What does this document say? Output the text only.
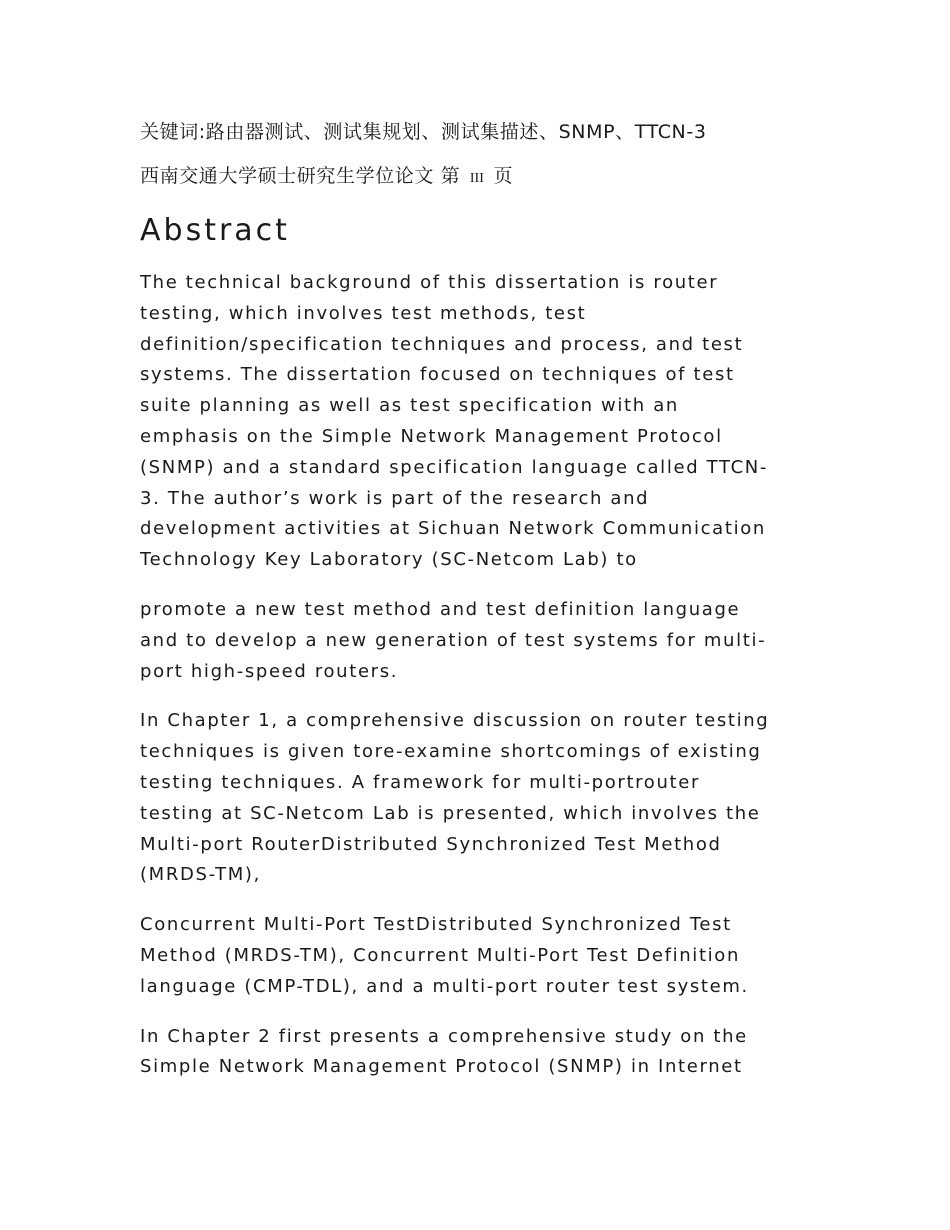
关键词:路由器测试、测试集规划、测试集描述、SNMP、TTCN-3

西南交通大学硕士研究生学位论文 第 III 页

Abstract

The technical background of this dissertation is router
testing, which involves test methods, test
definition/specification techniques and process, and test
systems. The dissertation focused on techniques of test
suite planning as well as test specification with an
emphasis on the Simple Network Management Protocol
(SNMP) and a standard specification language called TTCN-
3. The author’s work is part of the research and
development activities at Sichuan Network Communication
Technology Key Laboratory (SC-Netcom Lab) to

promote a new test method and test definition language
and to develop a new generation of test systems for multi-
port high-speed routers.

In Chapter 1, a comprehensive discussion on router testing
techniques is given tore-examine shortcomings of existing
testing techniques. A framework for multi-portrouter
testing at SC-Netcom Lab is presented, which involves the
Multi-port RouterDistributed Synchronized Test Method
(MRDS-TM),

Concurrent Multi-Port TestDistributed Synchronized Test
Method (MRDS-TM), Concurrent Multi-Port Test Definition
language (CMP-TDL), and a multi-port router test system.

In Chapter 2 first presents a comprehensive study on the
Simple Network Management Protocol (SNMP) in Internet
